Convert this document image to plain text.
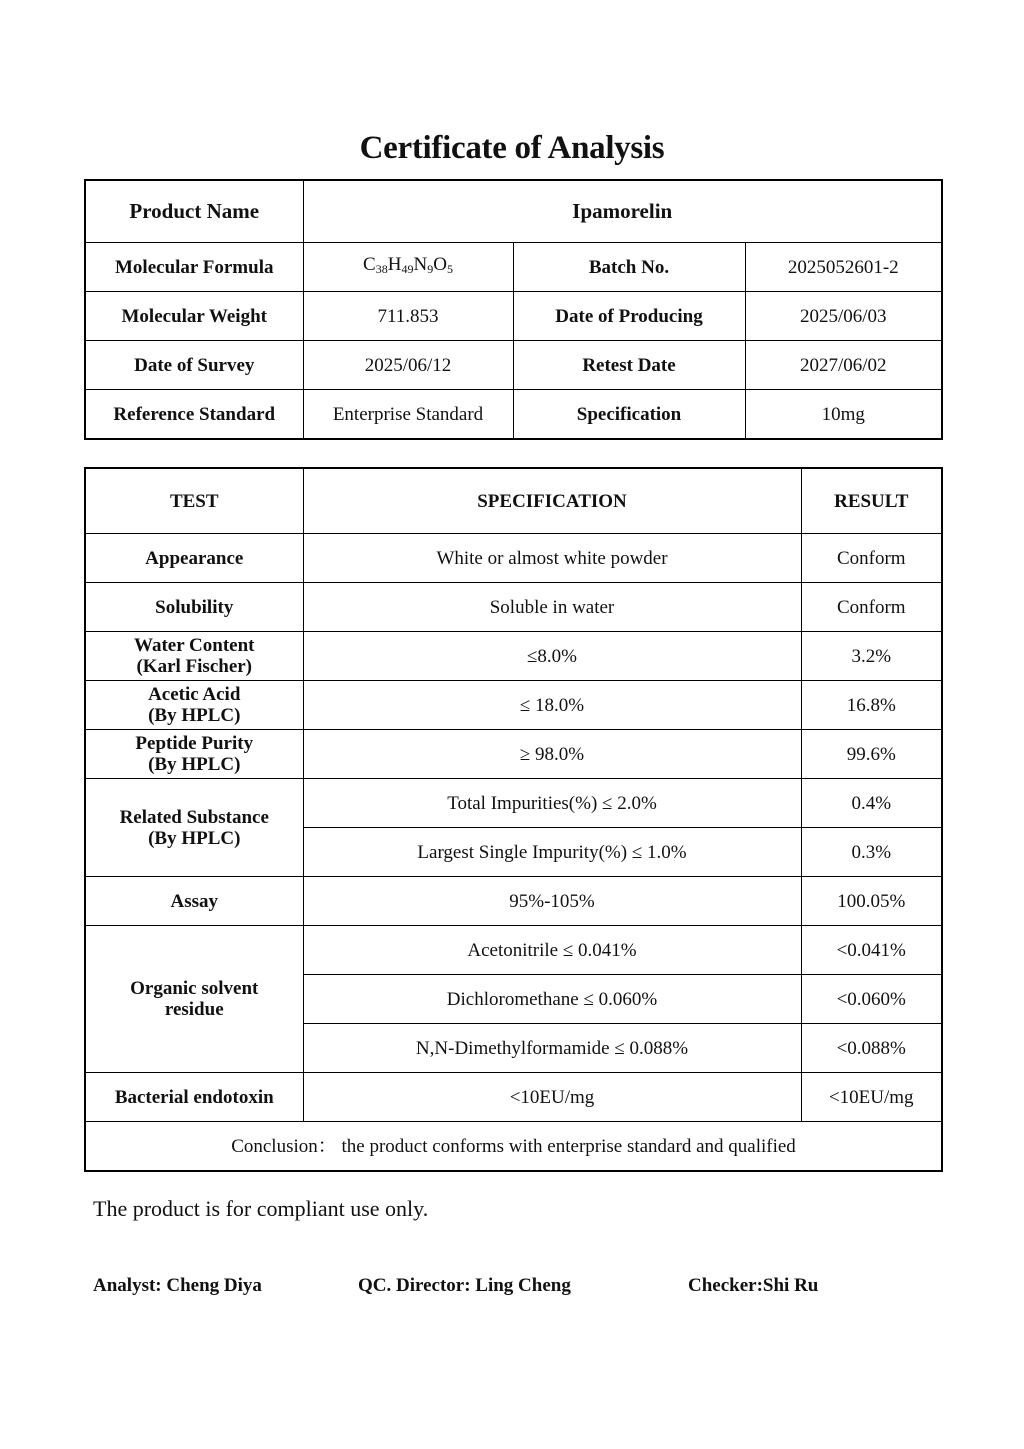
Certificate of Analysis
Product Name	Ipamorelin		
Molecular Formula	$C_{38}H_{49}N_9O_5$	Batch No.	2025052601-2
Molecular Weight	711.853	Date of Producing	2025/06/03
Date of Survey	2025/06/12	Retest Date	2027/06/02
Reference Standard	Enterprise Standard	Specification	10mg
TEST	SPECIFICATION	RESULT
Appearance	White or almost white powder	Conform
Solubility	Soluble in water	Conform
Water Content
(Karl Fischer)	≤8.0%	3.2%
Acetic Acid
(By HPLC)	≤ 18.0%	16.8%
Peptide Purity
(By HPLC)	≥ 98.0%	99.6%
Related Substance
(By HPLC)	Total Impurities(%) ≤ 2.0%	0.4%
	Largest Single Impurity(%) ≤ 1.0%	0.3%
Assay	95%-105%	100.05%
Organic solvent
residue	Acetonitrile ≤ 0.041%	<0.041%
	Dichloromethane ≤ 0.060%	<0.060%
	N,N-Dimethylformamide ≤ 0.088%	<0.088%
Bacterial endotoxin	<10EU/mg	<10EU/mg
Conclusion： the product conforms with enterprise standard and qualified		
The product is for compliant use only.
Analyst: Cheng Diya	QC. Director: Ling Cheng	Checker:Shi Ru
